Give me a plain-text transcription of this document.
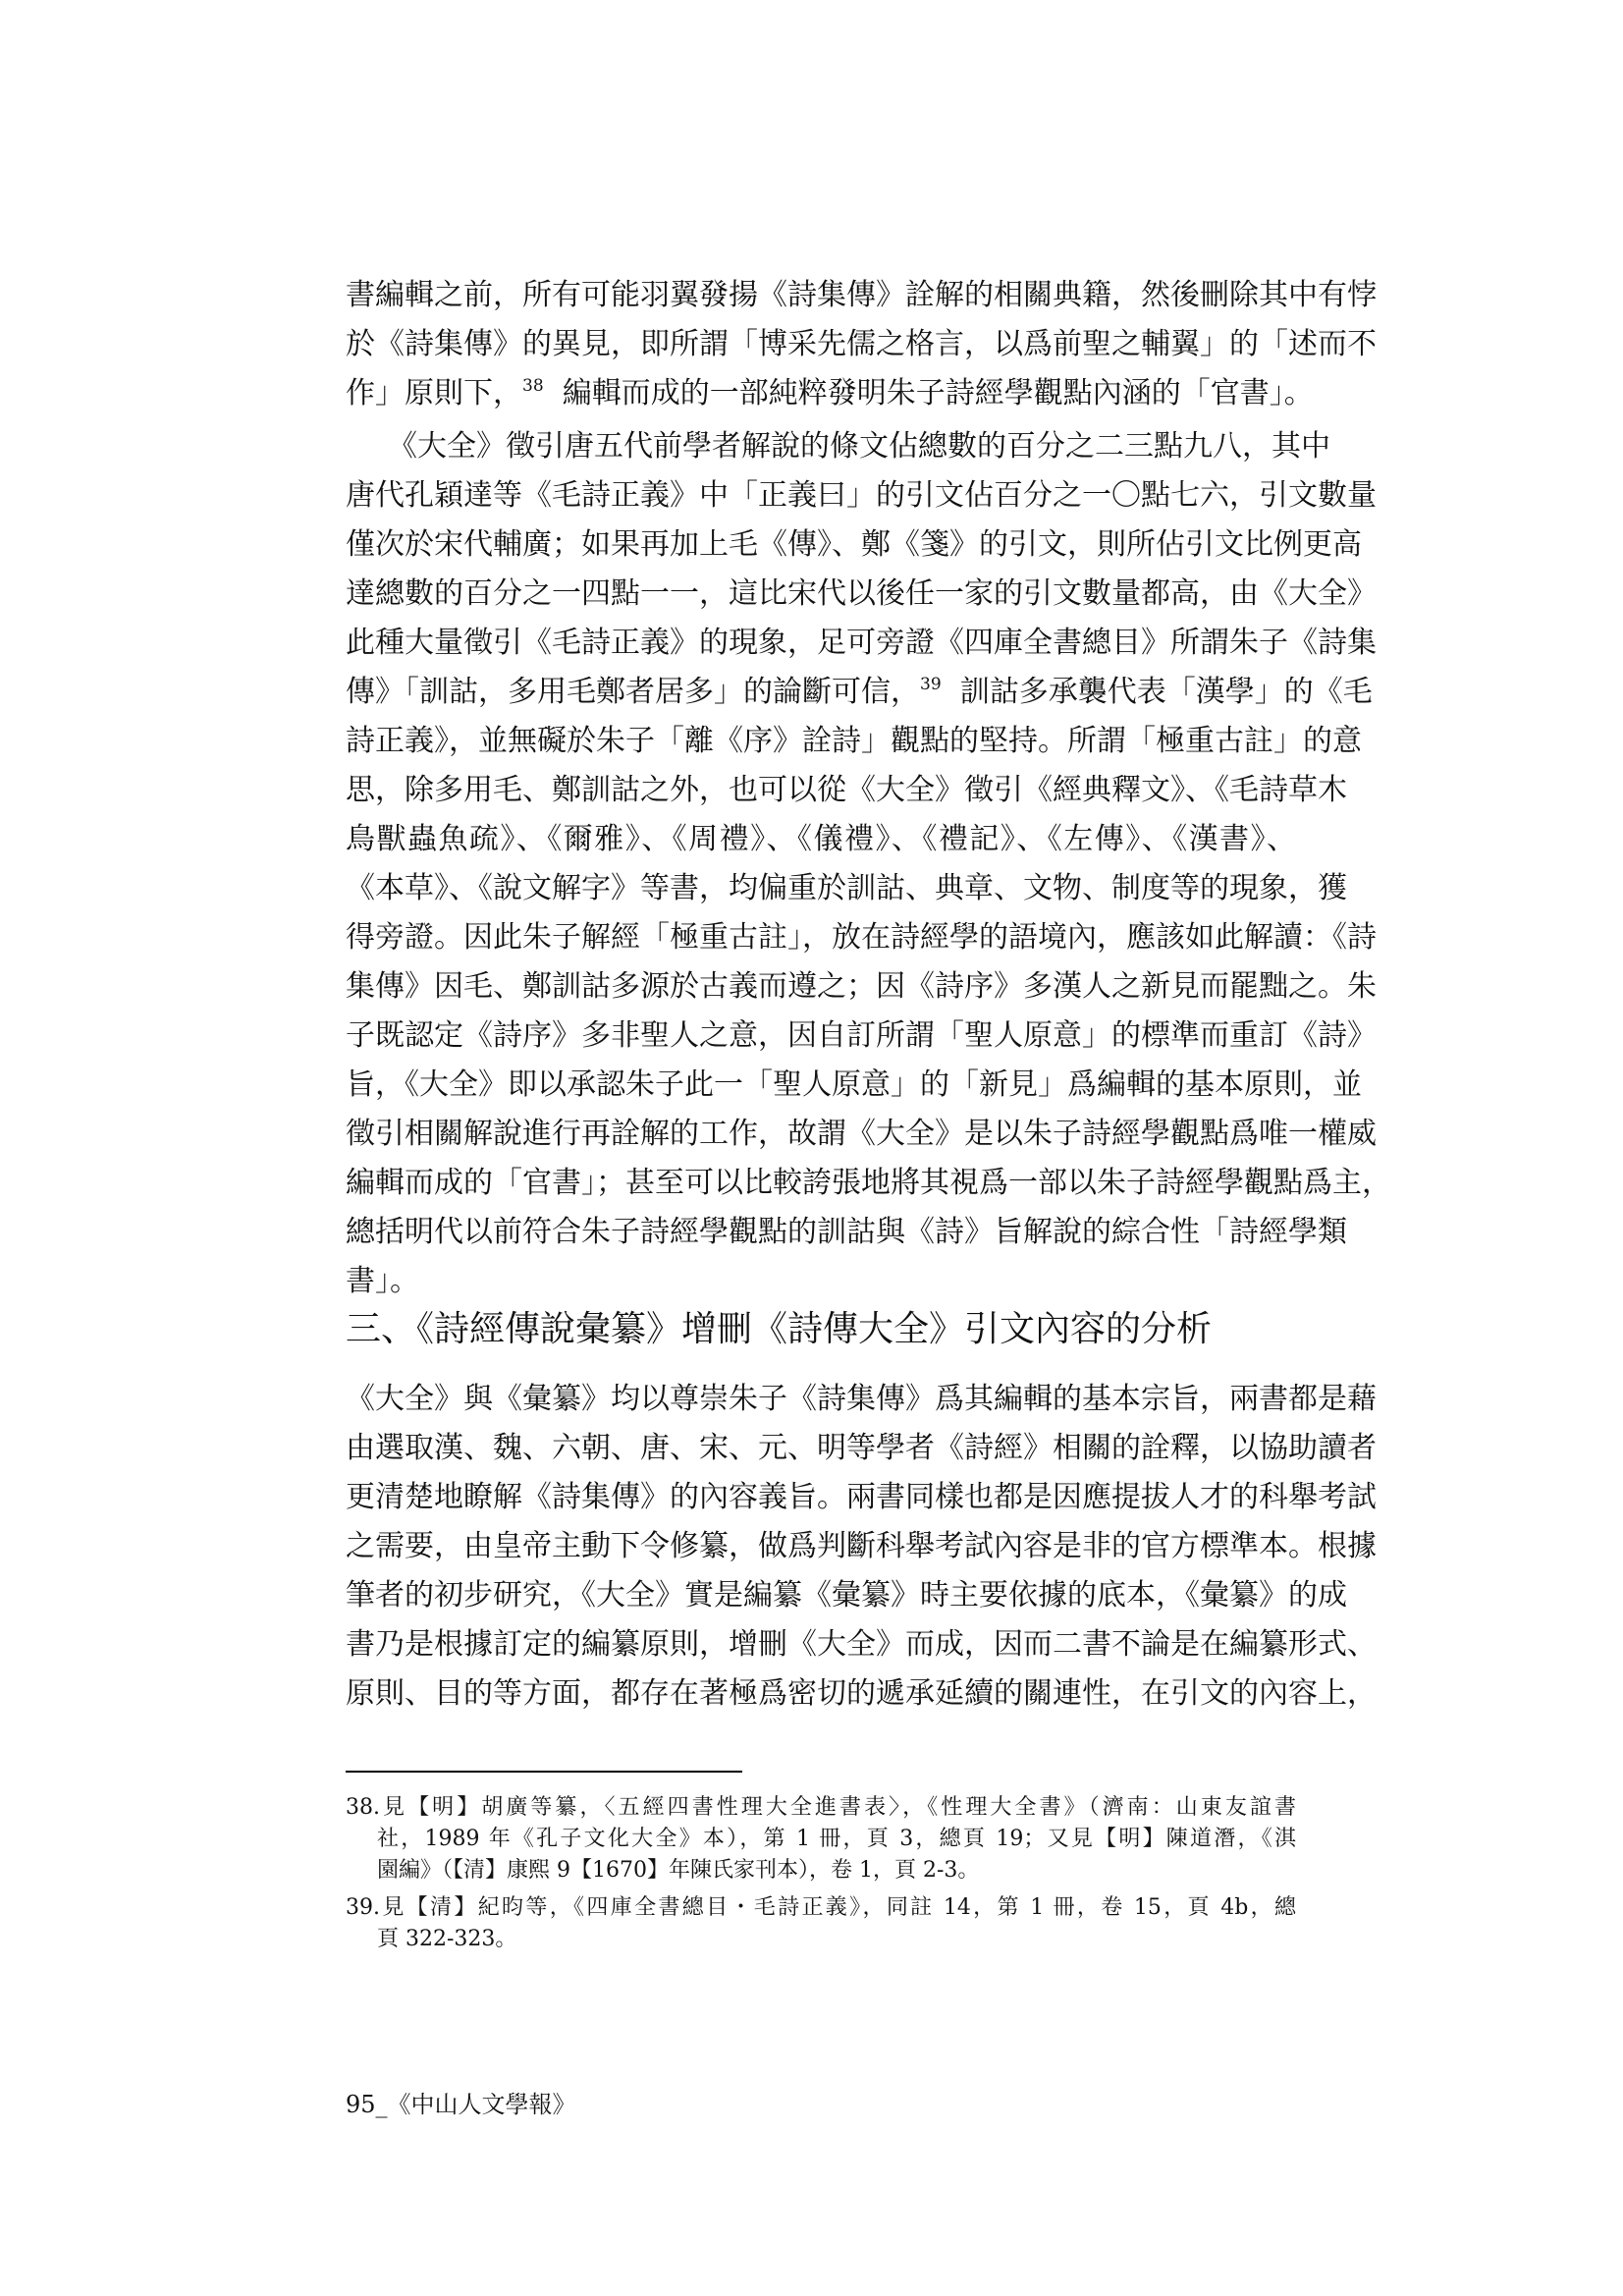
書編輯之前，所有可能羽翼發揚《詩集傳》詮解的相關典籍，然後刪除其中有悖
於《詩集傳》的異見，即所謂「博采先儒之格言，以爲前聖之輔翼」的「述而不
作」原則下，$^{38}$ 編輯而成的一部純粹發明朱子詩經學觀點內涵的「官書」。
《大全》徵引唐五代前學者解說的條文佔總數的百分之二三點九八，其中
唐代孔穎達等《毛詩正義》中「正義曰」的引文佔百分之一〇點七六，引文數量
僅次於宋代輔廣；如果再加上毛《傳》、鄭《箋》的引文，則所佔引文比例更高
達總數的百分之一四點一一，這比宋代以後任一家的引文數量都高，由《大全》
此種大量徵引《毛詩正義》的現象，足可旁證《四庫全書總目》所謂朱子《詩集
傳》「訓詁，多用毛鄭者居多」的論斷可信，$^{39}$ 訓詁多承襲代表「漢學」的《毛
詩正義》，並無礙於朱子「離《序》詮詩」觀點的堅持。所謂「極重古註」的意
思，除多用毛、鄭訓詁之外，也可以從《大全》徵引《經典釋文》、《毛詩草木
鳥獸蟲魚疏》、《爾雅》、《周禮》、《儀禮》、《禮記》、《左傳》、《漢書》、
《本草》、《說文解字》等書，均偏重於訓詁、典章、文物、制度等的現象，獲
得旁證。因此朱子解經「極重古註」，放在詩經學的語境內，應該如此解讀：《詩
集傳》因毛、鄭訓詁多源於古義而遵之；因《詩序》多漢人之新見而罷黜之。朱
子既認定《詩序》多非聖人之意，因自訂所謂「聖人原意」的標準而重訂《詩》
旨，《大全》即以承認朱子此一「聖人原意」的「新見」爲編輯的基本原則，並
徵引相關解說進行再詮解的工作，故謂《大全》是以朱子詩經學觀點爲唯一權威
編輯而成的「官書」；甚至可以比較誇張地將其視爲一部以朱子詩經學觀點爲主，
總括明代以前符合朱子詩經學觀點的訓詁與《詩》旨解說的綜合性「詩經學類
書」。
三、《詩經傳說彙纂》增刪《詩傳大全》引文內容的分析
《大全》與《彙纂》均以尊崇朱子《詩集傳》爲其編輯的基本宗旨，兩書都是藉
由選取漢、魏、六朝、唐、宋、元、明等學者《詩經》相關的詮釋，以協助讀者
更清楚地瞭解《詩集傳》的內容義旨。兩書同樣也都是因應提拔人才的科舉考試
之需要，由皇帝主動下令修纂，做爲判斷科舉考試內容是非的官方標準本。根據
筆者的初步研究，《大全》實是編纂《彙纂》時主要依據的底本，《彙纂》的成
書乃是根據訂定的編纂原則，增刪《大全》而成，因而二書不論是在編纂形式、
原則、目的等方面，都存在著極爲密切的遞承延續的關連性，在引文的內容上，
38.見【明】胡廣等纂，〈五經四書性理大全進書表〉，《性理大全書》（濟南：山東友誼書
社，1989 年《孔子文化大全》本），第 1 冊，頁 3，總頁 19；又見【明】陳道潛，《淇
園編》（【清】康熙 9【1670】年陳氏家刊本），卷 1，頁 2-3。
39.見【清】紀昀等，《四庫全書總目・毛詩正義》，同註 14，第 1 冊，卷 15，頁 4b，總
頁 322-323。
95_《中山人文學報》
